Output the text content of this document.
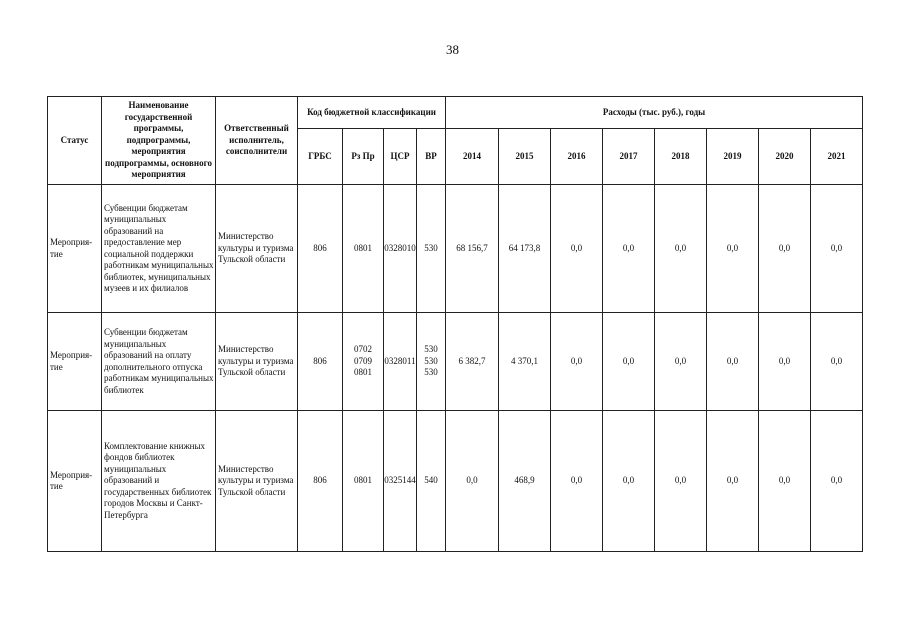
38
Статус	Наименование государственной программы, подпрограммы, мероприятия подпрограммы, основного мероприятия	Ответственный исполнитель, соисполнители	Код бюджетной классификации				Расходы (тыс. руб.), годы							
			ГРБС	Рз Пр	ЦСР	ВР	2014	2015	2016	2017	2018	2019	2020	2021
Мероприя-тие	Субвенции бюджетам муниципальных образований на предоставление мер социальной поддержки работникам муниципальных библиотек, муниципальных музеев и их филиалов	Министерство культуры и туризма Тульской области	806	0801	0328010	530	68 156,7	64 173,8	0,0	0,0	0,0	0,0	0,0	0,0
Мероприя-тие	Субвенции бюджетам муниципальных образований на оплату дополнительного отпуска работникам муниципальных библиотек	Министерство культуры и туризма Тульской области	806	0702
0709
0801	0328011	530
530
530	6 382,7	4 370,1	0,0	0,0	0,0	0,0	0,0	0,0
Мероприя-тие	Комплектование книжных фондов библиотек муниципальных образований и государственных библиотек городов Москвы и Санкт-Петербурга	Министерство культуры и туризма Тульской области	806	0801	0325144	540	0,0	468,9	0,0	0,0	0,0	0,0	0,0	0,0
